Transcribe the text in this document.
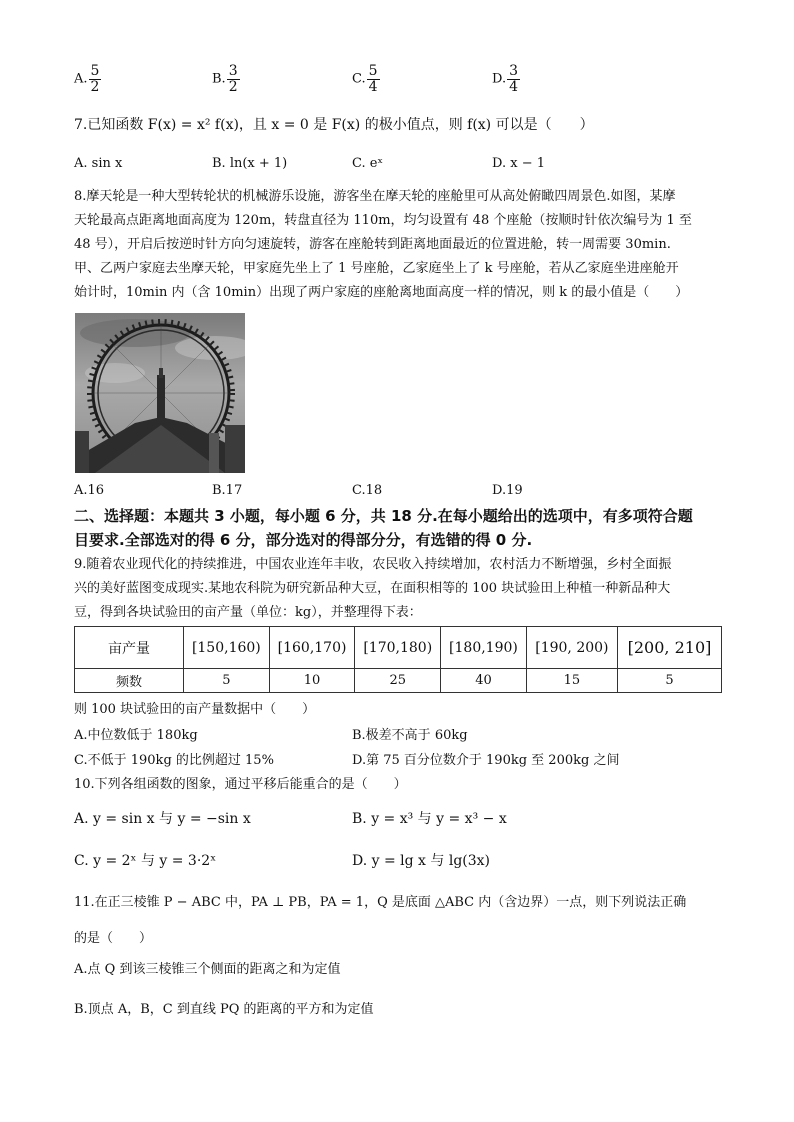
A. $\frac{5}{2}$	B. $\frac{3}{2}$	C. $\frac{5}{4}$	D. $\frac{3}{4}$
7.已知函数 F(x) = x² f(x)，且 x = 0 是 F(x) 的极小值点，则 f(x) 可以是（　　）
A. sin x	B. ln(x + 1)	C. eˣ	D. x − 1
8.摩天轮是一种大型转轮状的机械游乐设施，游客坐在摩天轮的座舱里可从高处俯瞰四周景色.如图，某摩
天轮最高点距离地面高度为 120m，转盘直径为 110m，均匀设置有 48 个座舱（按顺时针依次编号为 1 至
48 号），开启后按逆时针方向匀速旋转，游客在座舱转到距离地面最近的位置进舱，转一周需要 30min.
甲、乙两户家庭去坐摩天轮，甲家庭先坐上了 1 号座舱，乙家庭坐上了 k 号座舱，若从乙家庭坐进座舱开
始计时，10min 内（含 10min）出现了两户家庭的座舱离地面高度一样的情况，则 k 的最小值是（　　）
A.16	B.17	C.18	D.19
二、选择题：本题共 3 小题，每小题 6 分，共 18 分.在每小题给出的选项中，有多项符合题
目要求.全部选对的得 6 分，部分选对的得部分分，有选错的得 0 分.
9.随着农业现代化的持续推进，中国农业连年丰收，农民收入持续增加，农村活力不断增强，乡村全面振
兴的美好蓝图变成现实.某地农科院为研究新品种大豆，在面积相等的 100 块试验田上种植一种新品种大
豆，得到各块试验田的亩产量（单位：kg），并整理得下表：
亩产量	[150,160)	[160,170)	[170,180)	[180,190)	[190, 200)	[200, 210]
频数	5	10	25	40	15	5
则 100 块试验田的亩产量数据中（　　）
A.中位数低于 180kg	B.极差不高于 60kg
C.不低于 190kg 的比例超过 15%	D.第 75 百分位数介于 190kg 至 200kg 之间
10.下列各组函数的图象，通过平移后能重合的是（　　）
A. y = sin x 与 y = −sin x	B. y = x³ 与 y = x³ − x
C. y = 2ˣ 与 y = 3·2ˣ	D. y = lg x 与 lg(3x)
11.在正三棱锥 P − ABC 中，PA ⊥ PB，PA = 1，Q 是底面 △ABC 内（含边界）一点，则下列说法正确
的是（　　）
A.点 Q 到该三棱锥三个侧面的距离之和为定值
B.顶点 A，B，C 到直线 PQ 的距离的平方和为定值
